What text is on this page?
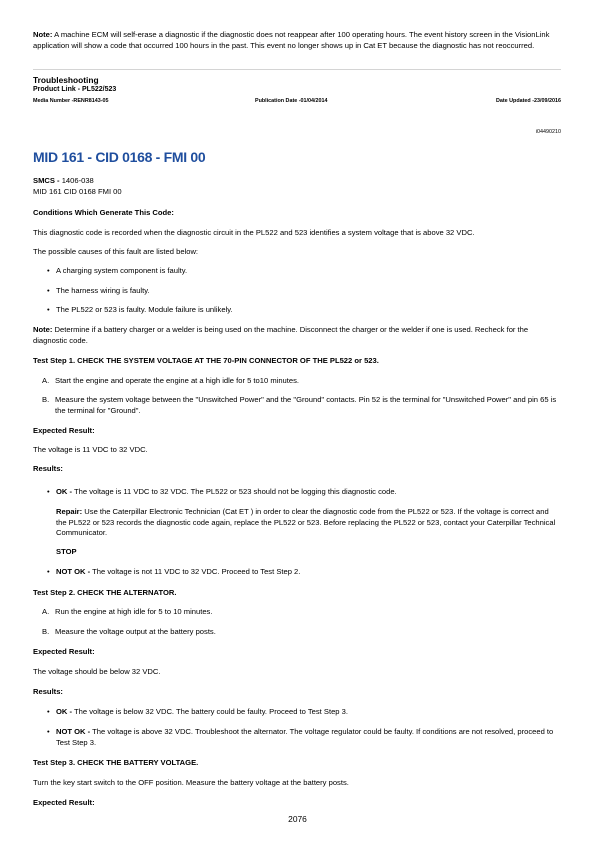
Note: A machine ECM will self-erase a diagnostic if the diagnostic does not reappear after 100 operating hours. The event history screen in the VisionLink application will show a code that occurred 100 hours in the past. This event no longer shows up in Cat ET because the diagnostic has not reoccurred.

Troubleshooting
Product Link - PL522/523
Media Number -RENR8143-05	Publication Date -01/04/2014	Date Updated -23/09/2016
i04490210
MID 161 - CID 0168 - FMI 00

SMCS - 1406-038

MID 161 CID 0168 FMI 00

Conditions Which Generate This Code:

This diagnostic code is recorded when the diagnostic circuit in the PL522 and 523 identifies a system voltage that is above 32 VDC.

The possible causes of this fault are listed below:

• A charging system component is faulty.

• The harness wiring is faulty.

• The PL522 or 523 is faulty. Module failure is unlikely.

Note: Determine if a battery charger or a welder is being used on the machine. Disconnect the charger or the welder if one is used. Recheck for the diagnostic code.

Test Step 1. CHECK THE SYSTEM VOLTAGE AT THE 70-PIN CONNECTOR OF THE PL522 or 523.

A. Start the engine and operate the engine at a high idle for 5 to10 minutes.

B. Measure the system voltage between the "Unswitched Power" and the "Ground" contacts. Pin 52 is the terminal for "Unswitched Power" and pin 65 is the terminal for "Ground".

Expected Result:

The voltage is 11 VDC to 32 VDC.

Results:

• OK - The voltage is 11 VDC to 32 VDC. The PL522 or 523 should not be logging this diagnostic code.

Repair: Use the Caterpillar Electronic Technician (Cat ET ) in order to clear the diagnostic code from the PL522 or 523. If the voltage is correct and the PL522 or 523 records the diagnostic code again, replace the PL522 or 523. Before replacing the PL522 or 523, contact your Caterpillar Technical Communicator.

STOP

• NOT OK - The voltage is not 11 VDC to 32 VDC. Proceed to Test Step 2.

Test Step 2. CHECK THE ALTERNATOR.

A. Run the engine at high idle for 5 to 10 minutes.

B. Measure the voltage output at the battery posts.

Expected Result:

The voltage should be below 32 VDC.

Results:

• OK - The voltage is below 32 VDC. The battery could be faulty. Proceed to Test Step 3.

• NOT OK - The voltage is above 32 VDC. Troubleshoot the alternator. The voltage regulator could be faulty. If conditions are not resolved, proceed to Test Step 3.

Test Step 3. CHECK THE BATTERY VOLTAGE.

Turn the key start switch to the OFF position. Measure the battery voltage at the battery posts.

Expected Result:

2076
